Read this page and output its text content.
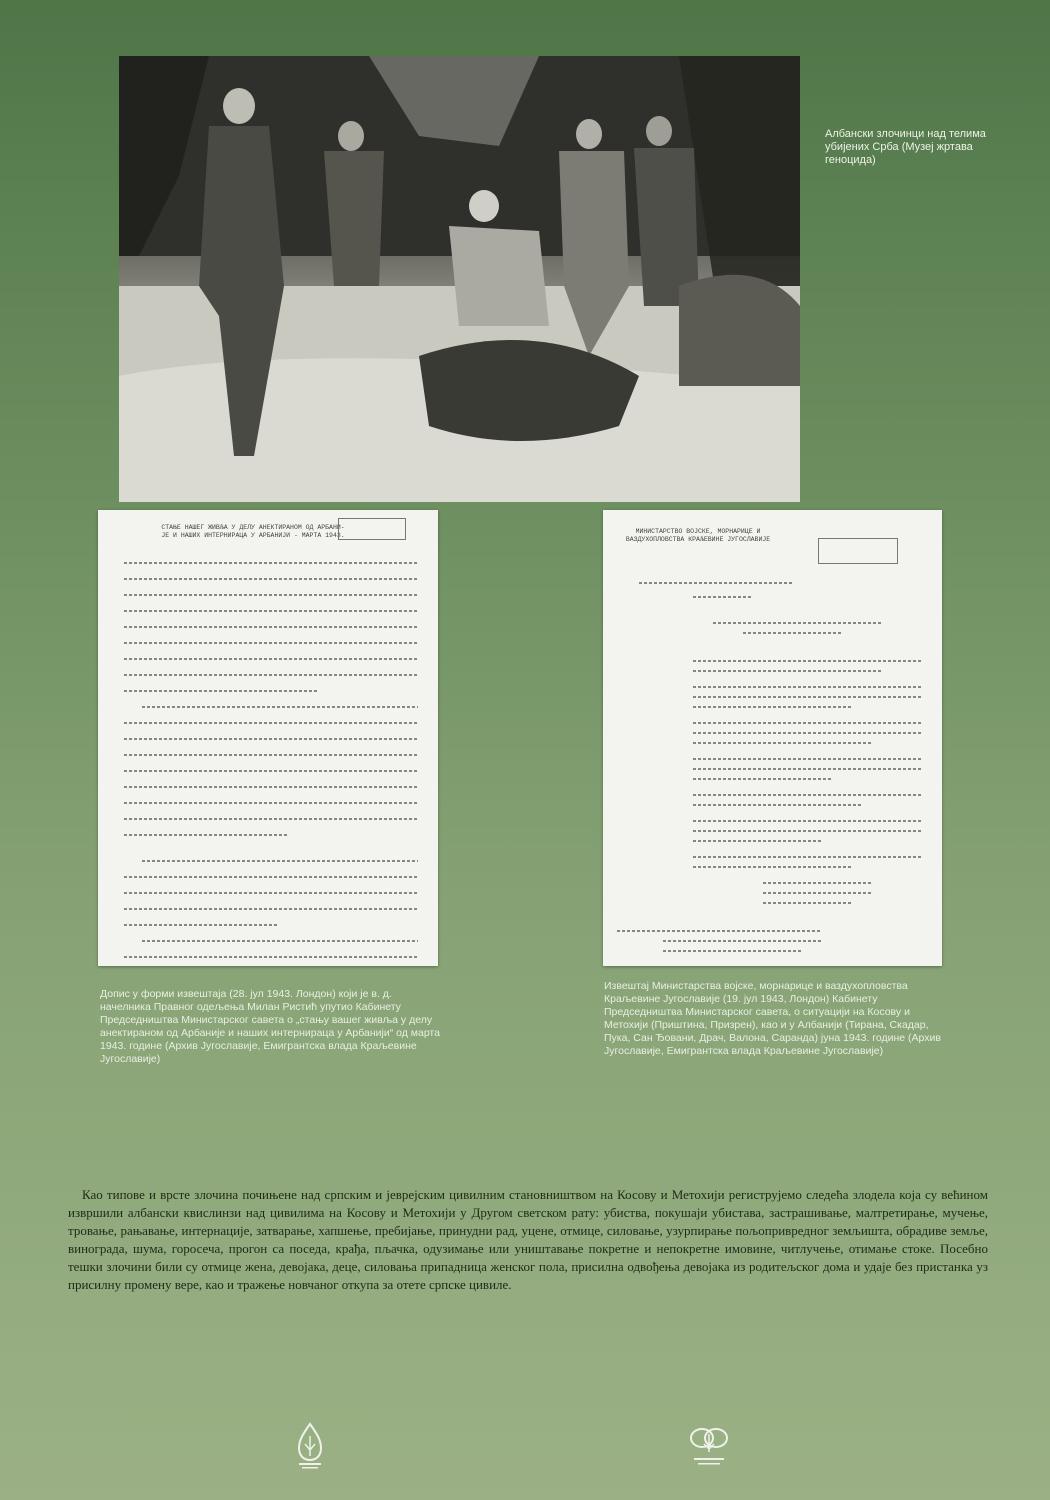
Албански злочинци над телима убијених Срба (Музеј жртава геноцида)
СТАЊЕ НАШЕГ ЖИВЉА У ДЕЛУ АНЕКТИРАНОМ ОД АРБАНИ-ЈЕ И НАШИХ ИНТЕРНИРАЦА У АРБАНИЈИ - МАРТА 1943.
МИНИСТАРСТВО ВОЈСКЕ, МОРНАРИЦЕ И ВАЗДУХОПЛОВСТВА КРАЉЕВИНЕ ЈУГОСЛАВИЈЕ
Допис у форми извештаја (28. јул 1943. Лондон) који је в. д. начелника Правног одељења Милан Ристић упутио Кабинету Председништва Министарског савета о „стању вашег живља у делу анектираном од Арбаније и наших интернираца у Арбанији“ од марта 1943. године (Архив Југославије, Емигрантска влада Краљевине Југославије)
Извештај Министарства војске, морнарице и ваздухопловства Краљевине Југославије (19. јул 1943, Лондон) Кабинету Председништва Министарског савета, о ситуацији на Косову и Метохији (Приштина, Призрен), као и у Албанији (Тирана, Скадар, Пука, Сан Ђовани, Драч, Валона, Саранда) јуна 1943. године (Архив Југославије, Емигрантска влада Краљевине Југославије)

Као типове и врсте злочина почињене над српским и јеврејским цивилним становништвом на Косову и Метохији региструјемо следећа злодела која су већином извршили албански квислинзи над цивилима на Косову и Метохији у Другом светском рату: убиства, покушаји убистава, застрашивање, малтретирање, мучење, тровање, рањавање, интернације, затварање, хапшење, пребијање, принудни рад, уцене, отмице, силовање, узурпирање пољопривредног земљишта, обрадиве земље, винограда, шума, горосеча, прогон са поседа, крађа, пљачка, одузимање или уништавање покретне и непокретне имовине, читлучење, отимање стоке. Посебно тешки злочини били су отмице жена, девојака, деце, силовања припадница женског пола, присилна одвођења девојака из родитељског дома и удаје без пристанка уз присилну промену вере, као и тражење новчаног откупа за отете српске цивиле.
